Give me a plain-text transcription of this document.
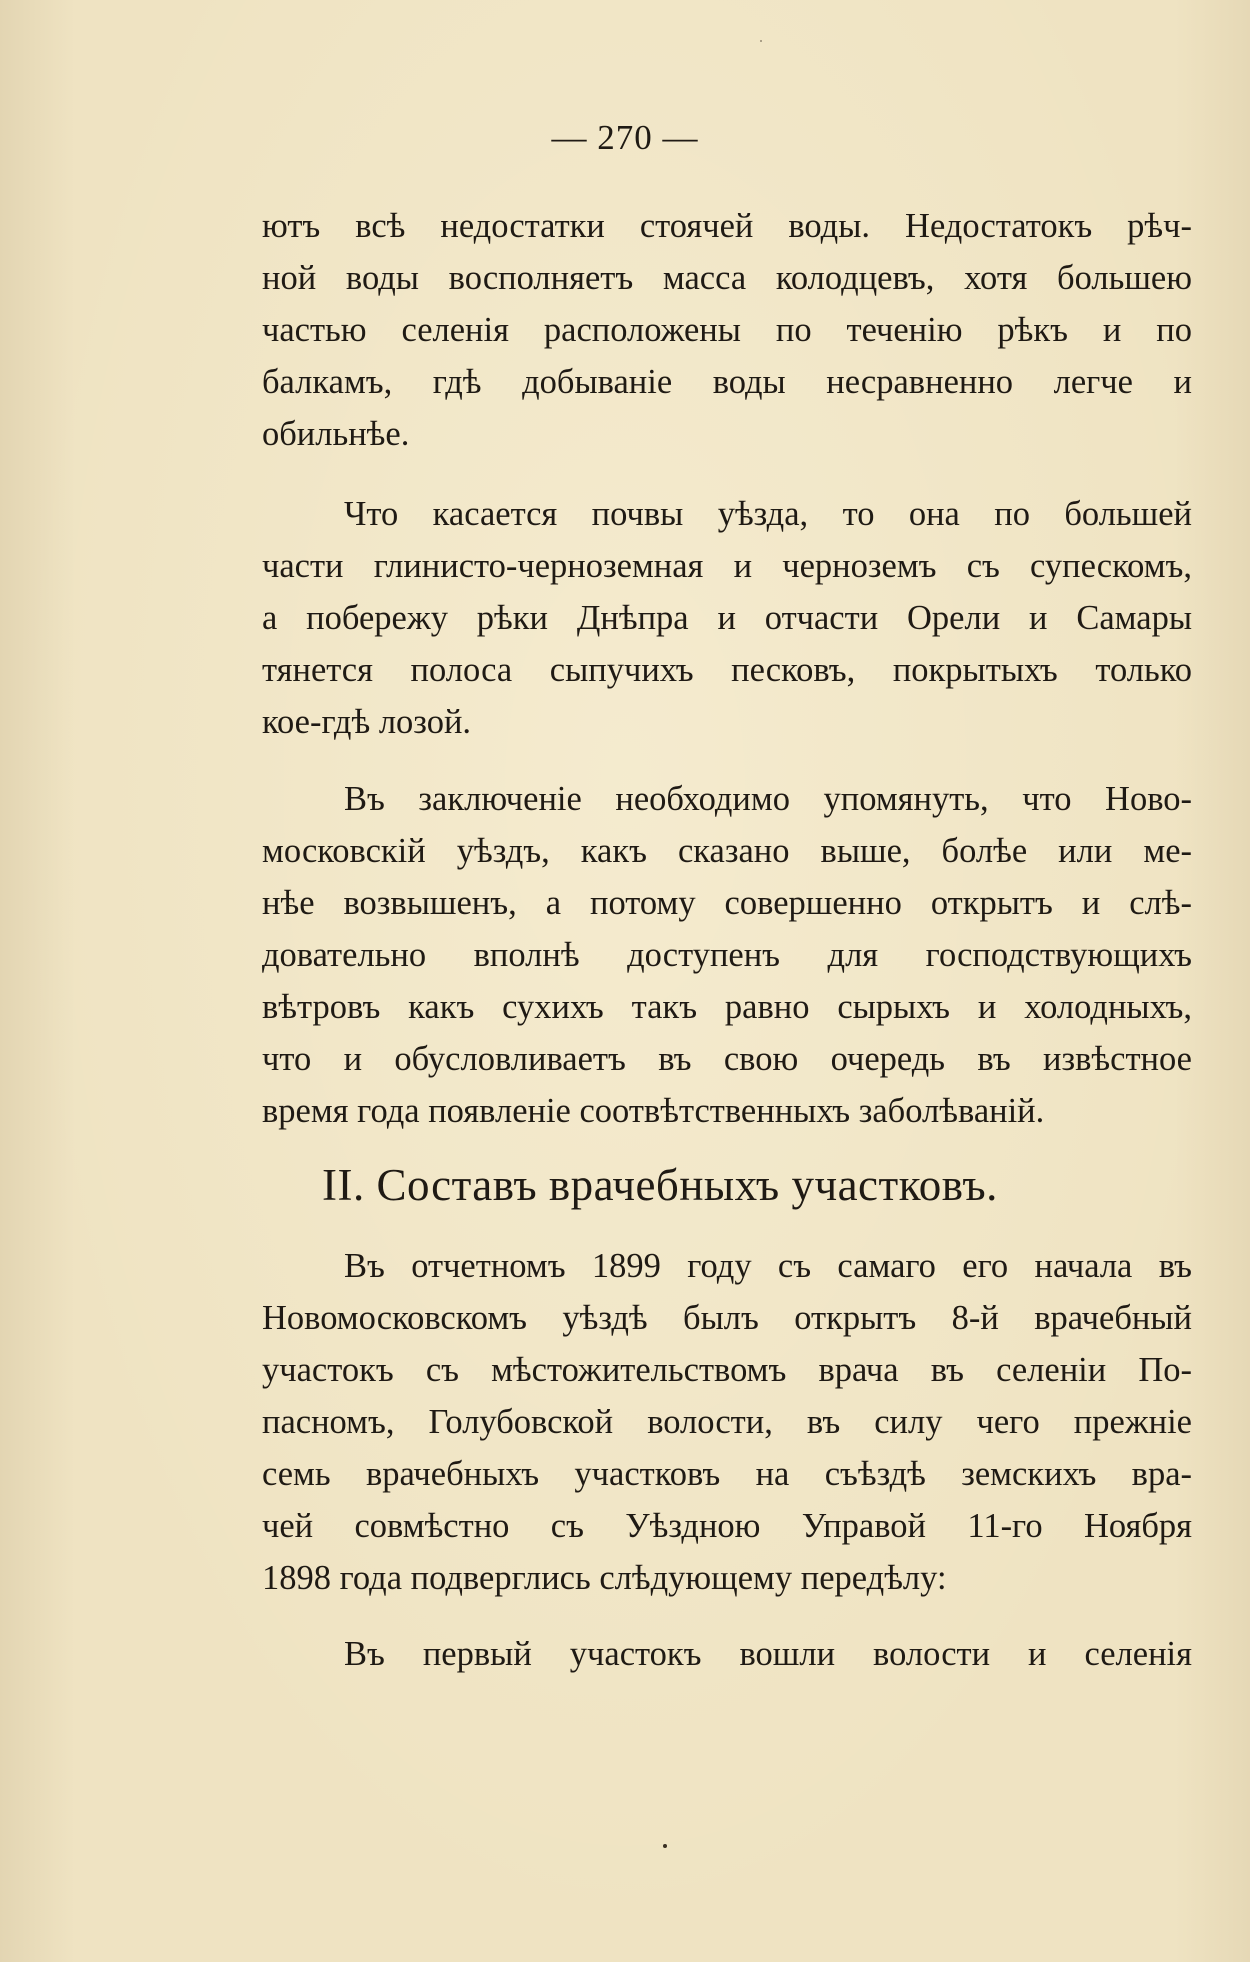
— 270 —
ютъ всѣ недостатки стоячей воды. Недостатокъ рѣч-
ной воды восполняетъ масса колодцевъ, хотя большею
частью селенія расположены по теченію рѣкъ и по
балкамъ, гдѣ добываніе воды несравненно легче и
обильнѣе.
Что касается почвы уѣзда, то она по большей
части глинисто-черноземная и черноземъ съ супескомъ,
а побережу рѣки Днѣпра и отчасти Орели и Самары
тянется полоса сыпучихъ песковъ, покрытыхъ только
кое-гдѣ лозой.
Въ заключеніе необходимо упомянуть, что Ново-
московскій уѣздъ, какъ сказано выше, болѣе или ме-
нѣе возвышенъ, а потому совершенно открытъ и слѣ-
довательно вполнѣ доступенъ для господствующихъ
вѣтровъ какъ сухихъ такъ равно сырыхъ и холодныхъ,
что и обусловливаетъ въ свою очередь въ извѣстное
время года появленіе соотвѣтственныхъ заболѣваній.
II. Составъ врачебныхъ участковъ.
Въ отчетномъ 1899 году съ самаго его начала въ
Новомосковскомъ уѣздѣ былъ открытъ 8-й врачебный
участокъ съ мѣстожительствомъ врача въ селеніи По-
пасномъ, Голубовской волости, въ силу чего прежніе
семь врачебныхъ участковъ на съѣздѣ земскихъ вра-
чей совмѣстно съ Уѣздною Управой 11-го Ноября
1898 года подверглись слѣдующему передѣлу:
Въ первый участокъ вошли волости и селенія
